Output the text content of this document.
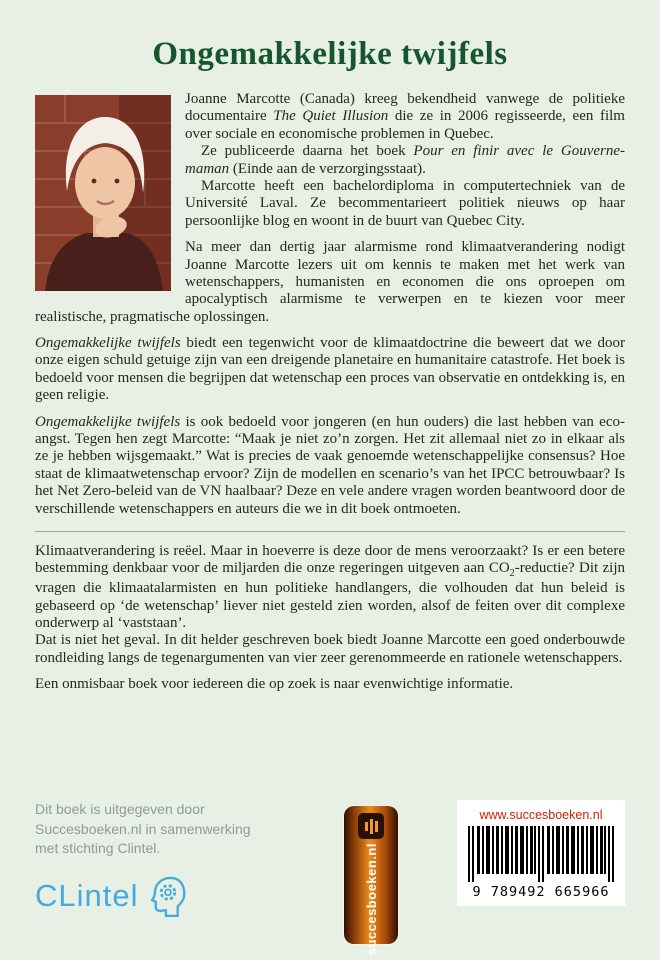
Ongemakkelijke twijfels

Joanne Marcotte (Canada) kreeg bekendheid vanwege de politieke documentaire The Quiet Illusion die ze in 2006 regisseerde, een film over sociale en economische problemen in Quebec.

Ze publiceerde daarna het boek Pour en finir avec le Gouverne-maman (Einde aan de verzorgingsstaat).

Marcotte heeft een bachelordiploma in computertechniek van de Université Laval. Ze becommentarieert politiek nieuws op haar persoonlijke blog en woont in de buurt van Quebec City.

Na meer dan dertig jaar alarmisme rond klimaatverandering nodigt Joanne Marcotte lezers uit om kennis te maken met het werk van wetenschappers, humanisten en economen die ons oproepen om apocalyptisch alarmisme te verwerpen en te kiezen voor meer realistische, pragmatische oplossingen.

Ongemakkelijke twijfels biedt een tegenwicht voor de klimaatdoctrine die beweert dat we door onze eigen schuld getuige zijn van een dreigende planetaire en humanitaire catastrofe. Het boek is bedoeld voor mensen die begrijpen dat wetenschap een proces van observatie en ontdekking is, en geen religie.

Ongemakkelijke twijfels is ook bedoeld voor jongeren (en hun ouders) die last hebben van eco-angst. Tegen hen zegt Marcotte: “Maak je niet zo’n zorgen. Het zit allemaal niet zo in elkaar als ze je hebben wijsgemaakt.” Wat is precies de vaak genoemde wetenschappelijke consensus? Hoe staat de klimaatwetenschap ervoor? Zijn de modellen en scenario’s van het IPCC betrouwbaar? Is het Net Zero-beleid van de VN haalbaar? Deze en vele andere vragen worden beantwoord door de verschillende wetenschappers en auteurs die we in dit boek ontmoeten.

Klimaatverandering is reëel. Maar in hoeverre is deze door de mens veroorzaakt? Is er een betere bestemming denkbaar voor de miljarden die onze regeringen uitgeven aan $CO_2$-reductie? Dit zijn vragen die klimaatalarmisten en hun politieke handlangers, die volhouden dat hun beleid is gebaseerd op ‘de wetenschap’ liever niet gesteld zien worden, alsof de feiten over dit complexe onderwerp al ‘vaststaan’.

Dat is niet het geval. In dit helder geschreven boek biedt Joanne Marcotte een goed onderbouwde rondleiding langs de tegenargumenten van vier zeer gerenommeerde en rationele wetenschappers.

Een onmisbaar boek voor iedereen die op zoek is naar evenwichtige informatie.

Dit boek is uitgegeven door
Succesboeken.nl in samenwerking
met stichting Clintel.
CLintel	succesboeken.nl
www.succesboeken.nl
9 789492 665966
